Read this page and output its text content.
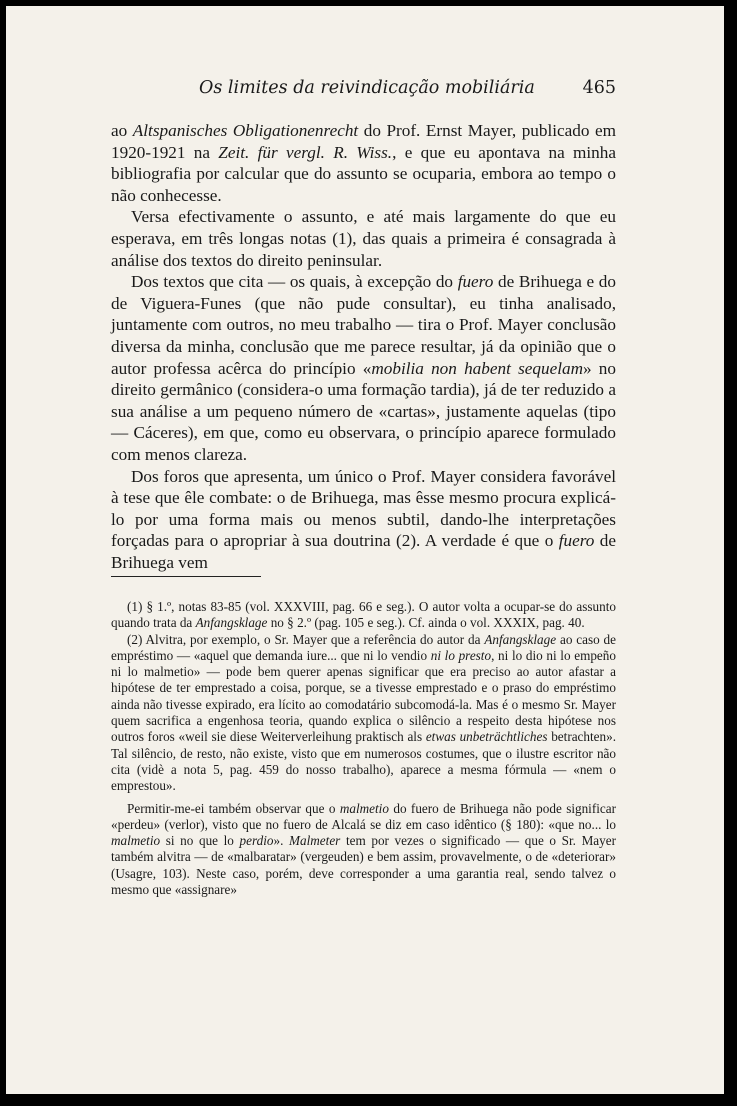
Os limites da reivindicação mobiliária	465

ao Altspanisches Obligationenrecht do Prof. Ernst Mayer, publicado em 1920-1921 na Zeit. für vergl. R. Wiss., e que eu apontava na minha bibliografia por calcular que do assunto se ocuparia, embora ao tempo o não conhecesse.

Versa efectivamente o assunto, e até mais largamente do que eu esperava, em três longas notas (1), das quais a primeira é consagrada à análise dos textos do direito peninsular.

Dos textos que cita — os quais, à excepção do fuero de Brihuega e do de Viguera-Funes (que não pude consultar), eu tinha analisado, juntamente com outros, no meu trabalho — tira o Prof. Mayer conclusão diversa da minha, conclusão que me parece resultar, já da opinião que o autor professa acêrca do princípio «mobilia non habent sequelam» no direito germânico (considera-o uma formação tardia), já de ter reduzido a sua análise a um pequeno número de «cartas», justamente aquelas (tipo — Cáceres), em que, como eu observara, o princípio aparece formulado com menos clareza.

Dos foros que apresenta, um único o Prof. Mayer considera favorável à tese que êle combate: o de Brihuega, mas êsse mesmo procura explicá-lo por uma forma mais ou menos subtil, dando-lhe interpretações forçadas para o apropriar à sua doutrina (2). A verdade é que o fuero de Brihuega vem

(1) § 1.º, notas 83-85 (vol. XXXVIII, pag. 66 e seg.). O autor volta a ocupar-se do assunto quando trata da Anfangsklage no § 2.º (pag. 105 e seg.). Cf. ainda o vol. XXXIX, pag. 40.

(2) Alvitra, por exemplo, o Sr. Mayer que a referência do autor da Anfangsklage ao caso de empréstimo — «aquel que demanda iure... que ni lo vendio ni lo presto, ni lo dio ni lo empeño ni lo malmetio» — pode bem querer apenas significar que era preciso ao autor afastar a hipótese de ter emprestado a coisa, porque, se a tivesse emprestado e o praso do empréstimo ainda não tivesse expirado, era lícito ao comodatário subcomodá-la. Mas é o mesmo Sr. Mayer quem sacrifica a engenhosa teoria, quando explica o silêncio a respeito desta hipótese nos outros foros «weil sie diese Weiterverleihung praktisch als etwas unbeträchtliches betrachten». Tal silêncio, de resto, não existe, visto que em numerosos costumes, que o ilustre escritor não cita (vidè a nota 5, pag. 459 do nosso trabalho), aparece a mesma fórmula — «nem o emprestou».

Permitir-me-ei também observar que o malmetio do fuero de Brihuega não pode significar «perdeu» (verlor), visto que no fuero de Alcalá se diz em caso idêntico (§ 180): «que no... lo malmetio si no que lo perdio». Malmeter tem por vezes o significado — que o Sr. Mayer também alvitra — de «malbaratar» (vergeuden) e bem assim, provavelmente, o de «deteriorar» (Usagre, 103). Neste caso, porém, deve corresponder a uma garantia real, sendo talvez o mesmo que «assignare»
